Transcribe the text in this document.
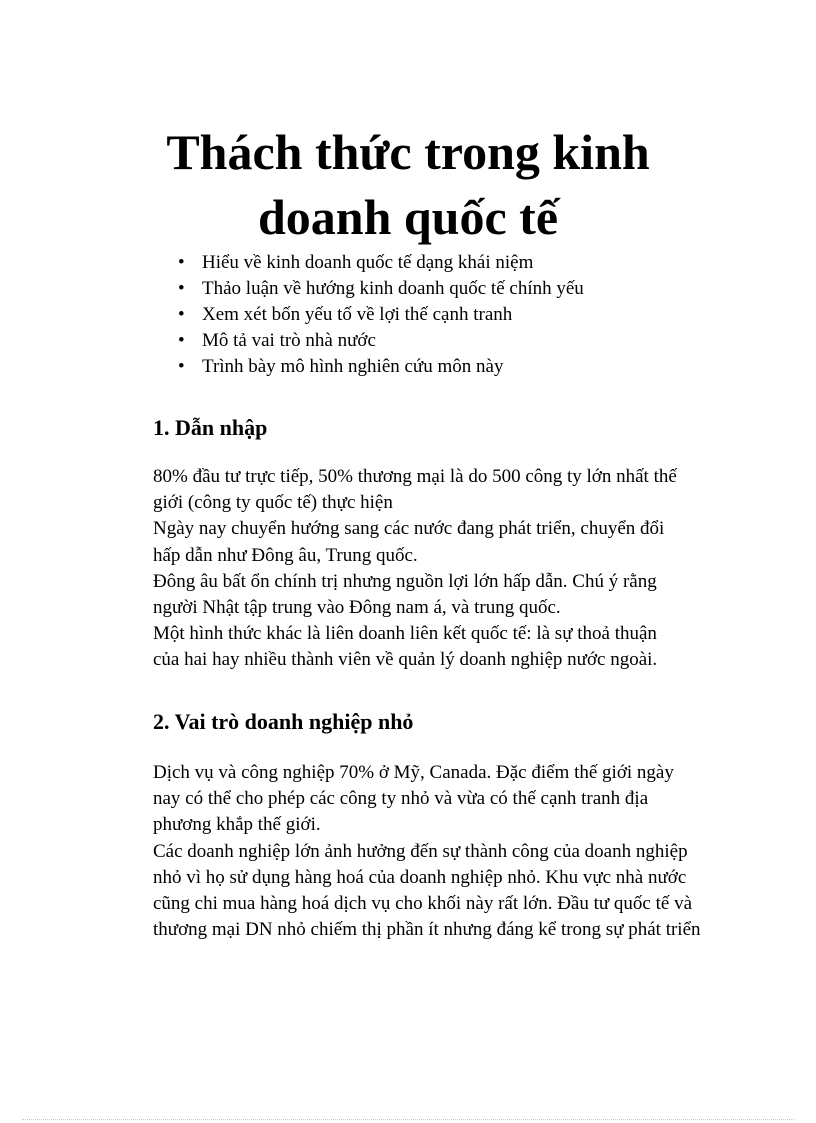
Thách thức trong kinh
doanh quốc tế
• Hiểu về kinh doanh quốc tế dạng khái niệm
• Thảo luận về hướng kinh doanh quốc tế chính yếu
• Xem xét bốn yếu tố về lợi thế cạnh tranh
• Mô tả vai trò nhà nước
• Trình bày mô hình nghiên cứu môn này
1. Dẫn nhập

80% đầu tư trực tiếp, 50% thương mại là do 500 công ty lớn nhất thế
giới (công ty quốc tế) thực hiện
Ngày nay chuyển hướng sang các nước đang phát triển, chuyển đổi
hấp dẫn như Đông âu, Trung quốc.
Đông âu bất ổn chính trị nhưng nguồn lợi lớn hấp dẫn. Chú ý rằng
người Nhật tập trung vào Đông nam á, và trung quốc.
Một hình thức khác là liên doanh liên kết quốc tế: là sự thoả thuận
của hai hay nhiều thành viên về quản lý doanh nghiệp nước ngoài.

2. Vai trò doanh nghiệp nhỏ

Dịch vụ và công nghiệp 70% ở Mỹ, Canada. Đặc điểm thế giới ngày
nay có thể cho phép các công ty nhỏ và vừa có thế cạnh tranh địa
phương khắp thế giới.
Các doanh nghiệp lớn ảnh hưởng đến sự thành công của doanh nghiệp
nhỏ vì họ sử dụng hàng hoá của doanh nghiệp nhỏ. Khu vực nhà nước
cũng chi mua hàng hoá dịch vụ cho khối này rất lớn. Đầu tư quốc tế và
thương mại DN nhỏ chiếm thị phần ít nhưng đáng kể trong sự phát triển
